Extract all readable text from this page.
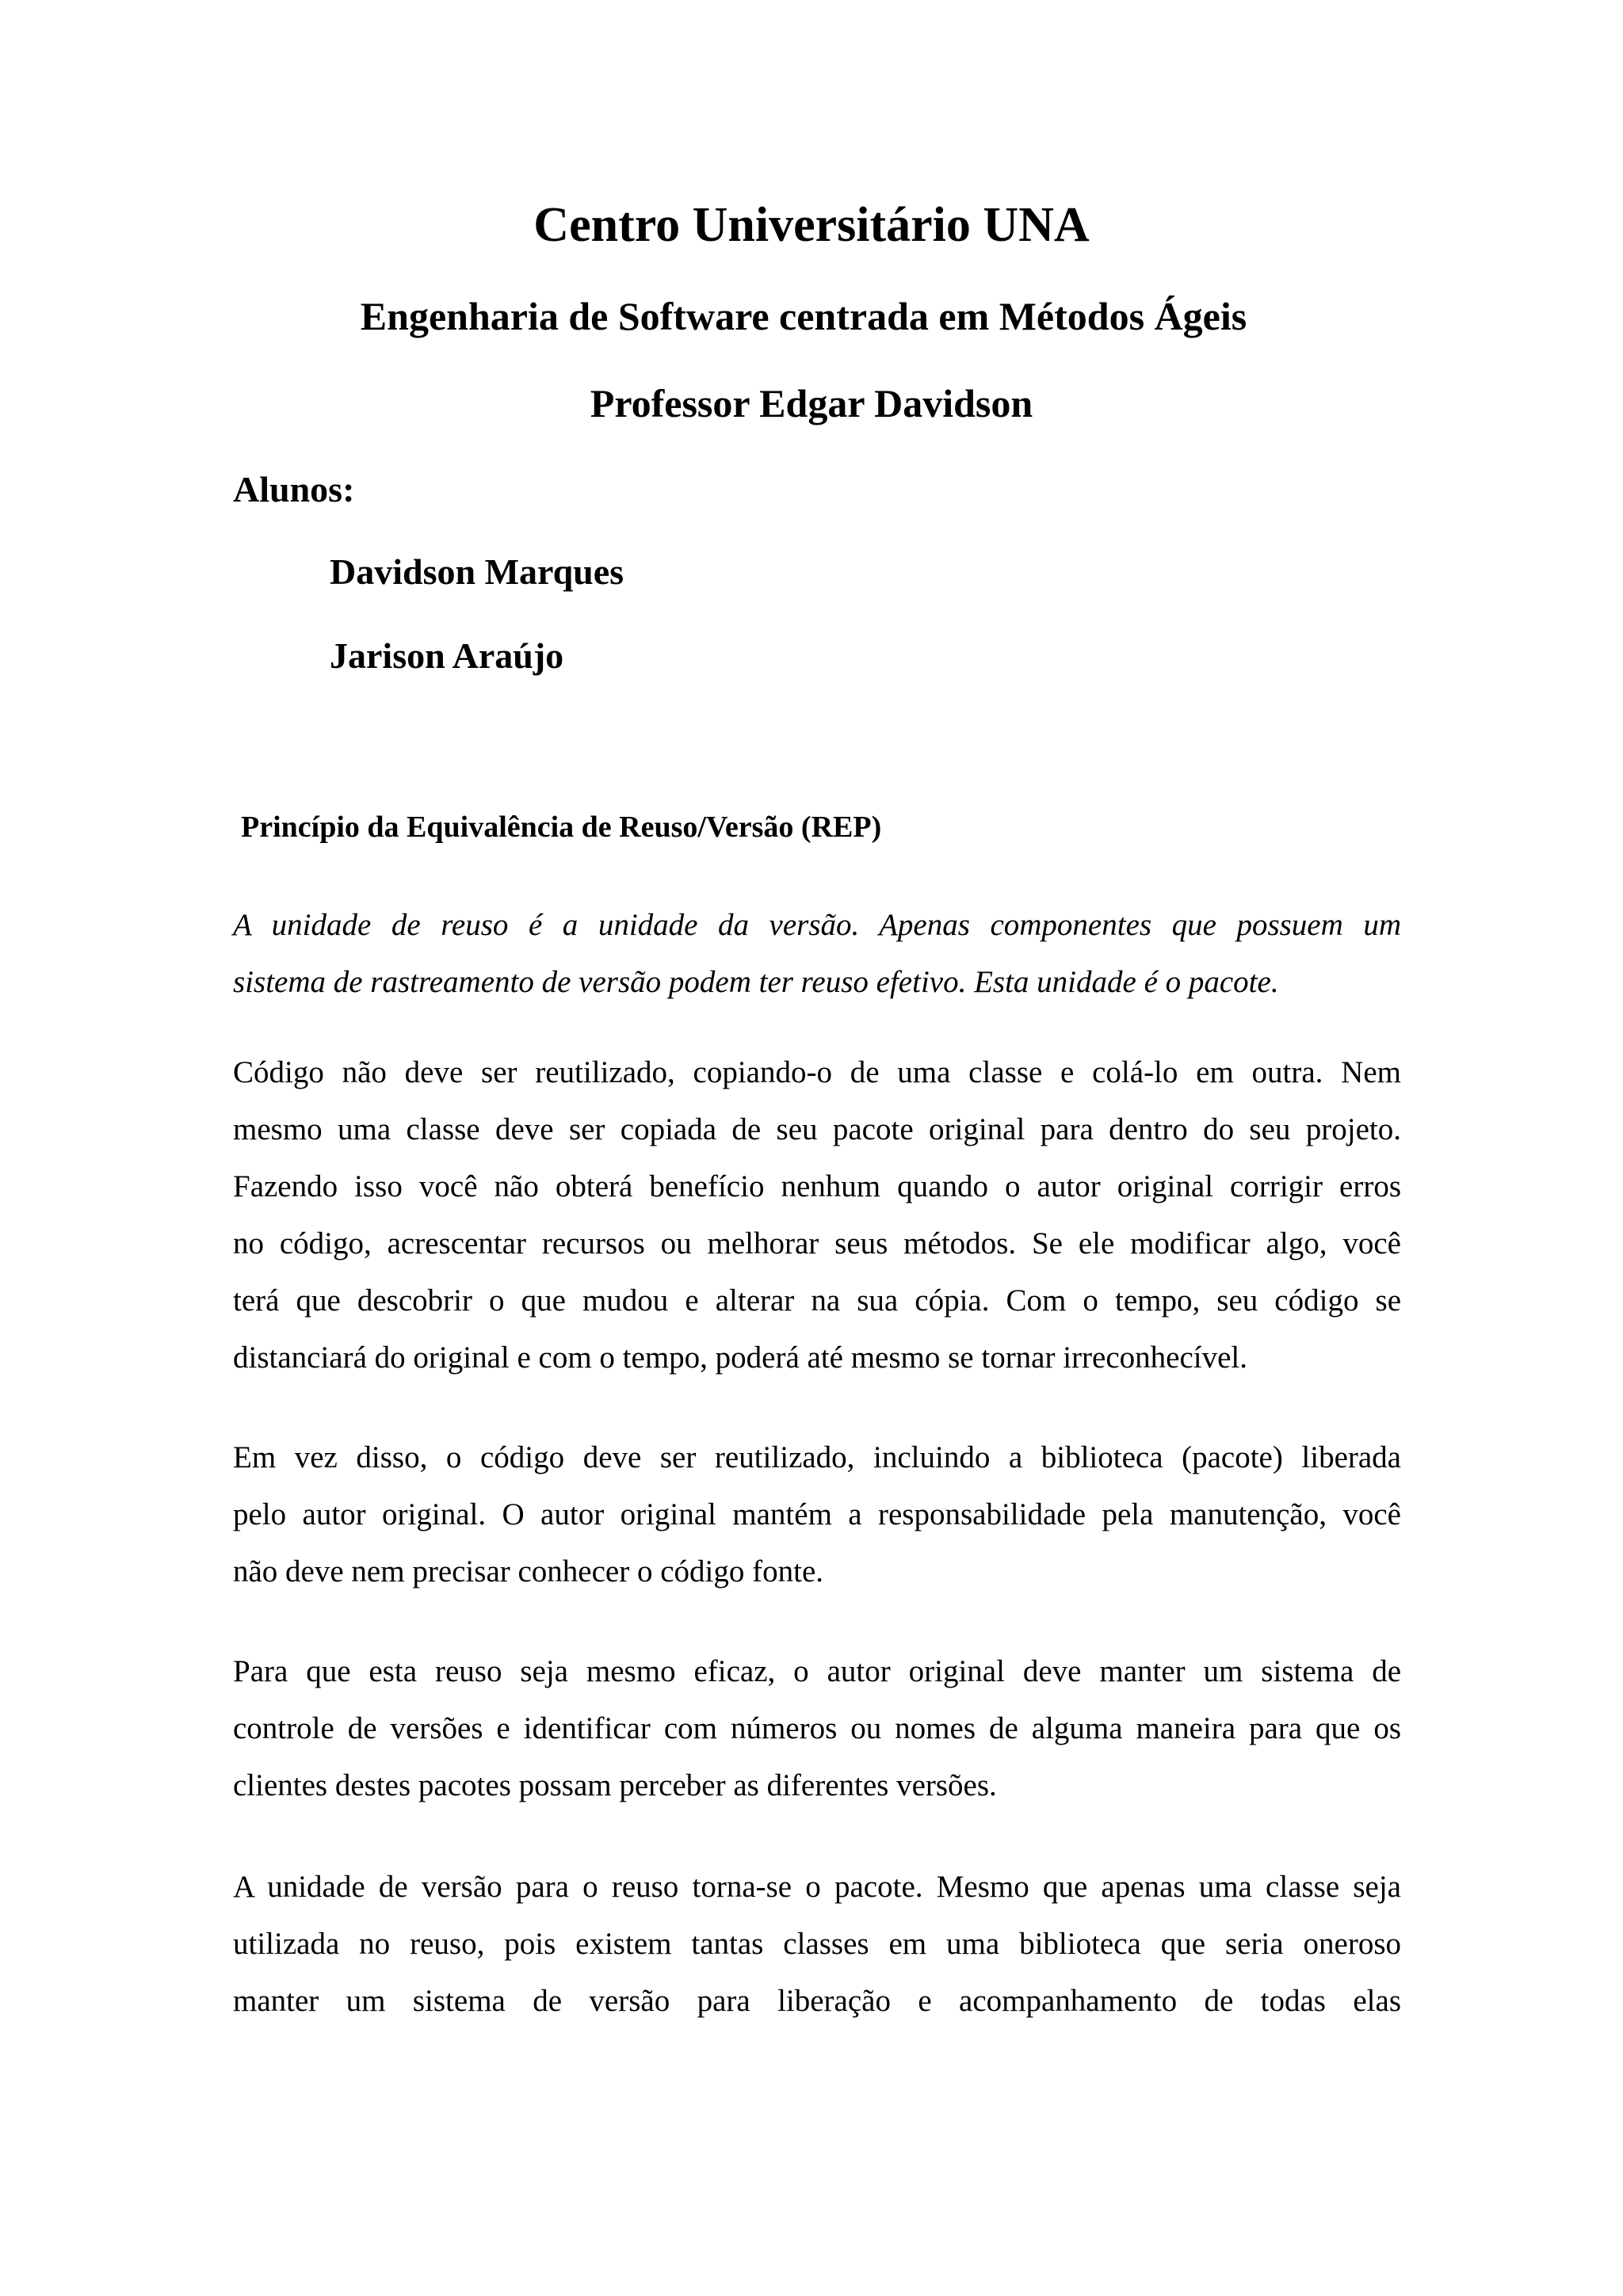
Centro Universitário UNA
Engenharia de Software centrada em Métodos Ágeis
Professor Edgar Davidson

Alunos:

Davidson Marques

Jarison Araújo

Princípio da Equivalência de Reuso/Versão (REP)
A unidade de reuso é a unidade da versão. Apenas componentes que possuem um
sistema de rastreamento de versão podem ter reuso efetivo. Esta unidade é o pacote.
Código não deve ser reutilizado, copiando-o de uma classe e colá-lo em outra. Nem
mesmo uma classe deve ser copiada de seu pacote original para dentro do seu projeto.
Fazendo isso você não obterá benefício nenhum quando o autor original corrigir erros
no código, acrescentar recursos ou melhorar seus métodos. Se ele modificar algo, você
terá que descobrir o que mudou e alterar na sua cópia. Com o tempo, seu código se
distanciará do original e com o tempo, poderá até mesmo se tornar irreconhecível.
Em vez disso, o código deve ser reutilizado, incluindo a biblioteca (pacote) liberada
pelo autor original. O autor original mantém a responsabilidade pela manutenção, você
não deve nem precisar conhecer o código fonte.
Para que esta reuso seja mesmo eficaz, o autor original deve manter um sistema de
controle de versões e identificar com números ou nomes de alguma maneira para que os
clientes destes pacotes possam perceber as diferentes versões.
A unidade de versão para o reuso torna-se o pacote. Mesmo que apenas uma classe seja
utilizada no reuso, pois existem tantas classes em uma biblioteca que seria oneroso
manter um sistema de versão para liberação e acompanhamento de todas elas
